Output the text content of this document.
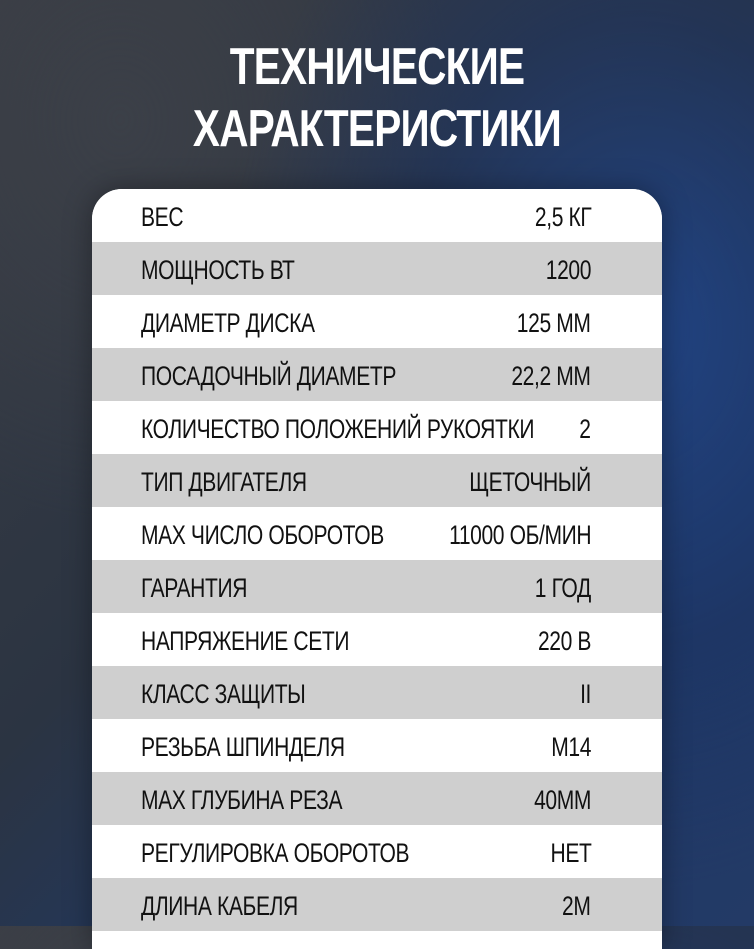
ТЕХНИЧЕСКИЕ
ХАРАКТЕРИСТИКИ
ВЕС	2,5 КГ
МОЩНОСТЬ ВТ	1200
ДИАМЕТР ДИСКА	125 ММ
ПОСАДОЧНЫЙ ДИАМЕТР	22,2 ММ
КОЛИЧЕСТВО ПОЛОЖЕНИЙ РУКОЯТКИ 2
ТИП ДВИГАТЕЛЯ	ЩЕТОЧНЫЙ
МАХ ЧИСЛО ОБОРОТОВ 11000 ОБ/МИН
ГАРАНТИЯ	1 ГОД
НАПРЯЖЕНИЕ СЕТИ	220 В
КЛАСС ЗАЩИТЫ	II
РЕЗЬБА ШПИНДЕЛЯ	М14
МАХ ГЛУБИНА РЕЗА	40ММ
РЕГУЛИРОВКА ОБОРОТОВ	НЕТ
ДЛИНА КАБЕЛЯ	2М
